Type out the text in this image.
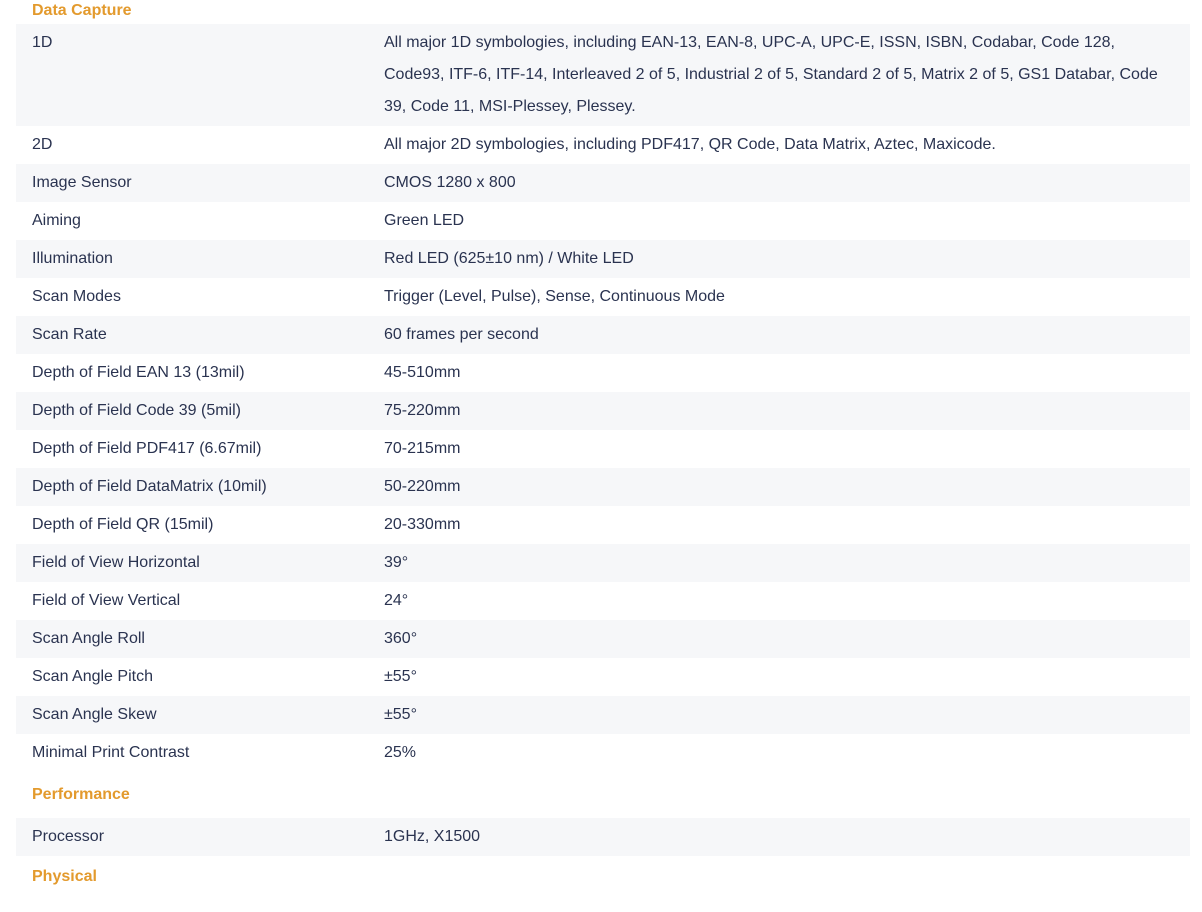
Data Capture
1D	All major 1D symbologies, including EAN-13, EAN-8, UPC-A, UPC-E, ISSN, ISBN, Codabar, Code 128, Code93, ITF-6, ITF-14, Interleaved 2 of 5, Industrial 2 of 5, Standard 2 of 5, Matrix 2 of 5, GS1 Databar, Code 39, Code 11, MSI-Plessey, Plessey.
2D	All major 2D symbologies, including PDF417, QR Code, Data Matrix, Aztec, Maxicode.
Image Sensor	CMOS 1280 x 800
Aiming	Green LED
Illumination	Red LED (625±10 nm) / White LED
Scan Modes	Trigger (Level, Pulse), Sense, Continuous Mode
Scan Rate	60 frames per second
Depth of Field EAN 13 (13mil)	45-510mm
Depth of Field Code 39 (5mil)	75-220mm
Depth of Field PDF417 (6.67mil)	70-215mm
Depth of Field DataMatrix (10mil)	50-220mm
Depth of Field QR (15mil)	20-330mm
Field of View Horizontal	39°
Field of View Vertical	24°
Scan Angle Roll	360°
Scan Angle Pitch	±55°
Scan Angle Skew	±55°
Minimal Print Contrast	25%
Performance
Processor	1GHz, X1500
Physical
